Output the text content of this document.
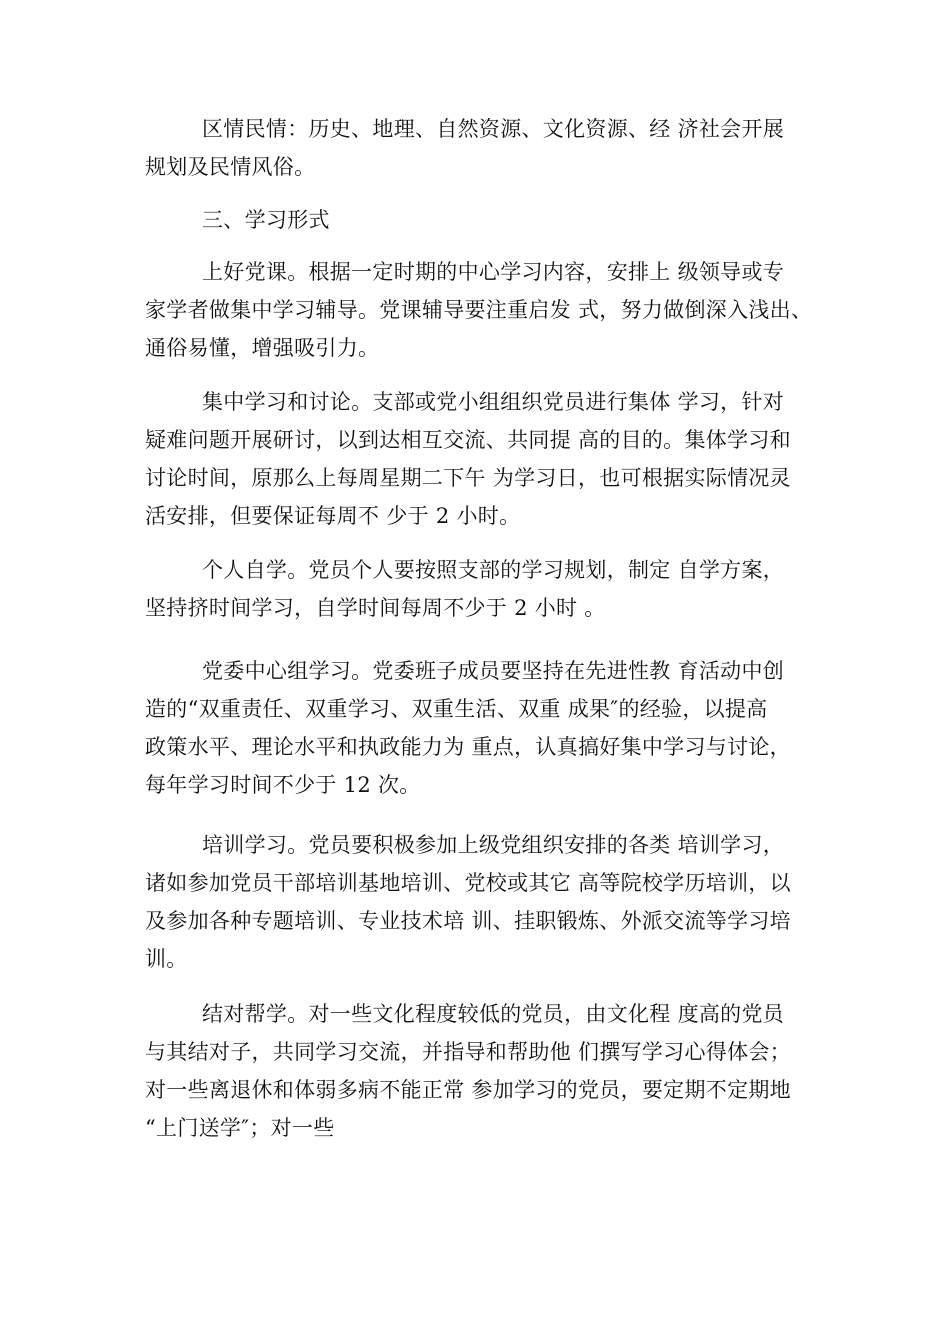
区情民情：历史、地理、自然资源、文化资源、经 济社会开展
规划及民情风俗。
三、学习形式
上好党课。根据一定时期的中心学习内容，安排上 级领导或专
家学者做集中学习辅导。党课辅导要注重启发 式，努力做倒深入浅出、
通俗易懂，增强吸引力。
集中学习和讨论。支部或党小组组织党员进行集体 学习，针对
疑难问题开展研讨，以到达相互交流、共同提 高的目的。集体学习和
讨论时间，原那么上每周星期二下午 为学习日，也可根据实际情况灵
活安排，但要保证每周不 少于 2 小时。
个人自学。党员个人要按照支部的学习规划，制定 自学方案，
坚持挤时间学习，自学时间每周不少于 2 小时 。
党委中心组学习。党委班子成员要坚持在先进性教 育活动中创
造的“双重责任、双重学习、双重生活、双重 成果″的经验，以提高
政策水平、理论水平和执政能力为 重点，认真搞好集中学习与讨论，
每年学习时间不少于 12 次。
培训学习。党员要积极参加上级党组织安排的各类 培训学习，
诸如参加党员干部培训基地培训、党校或其它 高等院校学历培训，以
及参加各种专题培训、专业技术培 训、挂职锻炼、外派交流等学习培
训。
结对帮学。对一些文化程度较低的党员，由文化程 度高的党员
与其结对子，共同学习交流，并指导和帮助他 们撰写学习心得体会；
对一些离退休和体弱多病不能正常 参加学习的党员，要定期不定期地
“上门送学″；对一些
